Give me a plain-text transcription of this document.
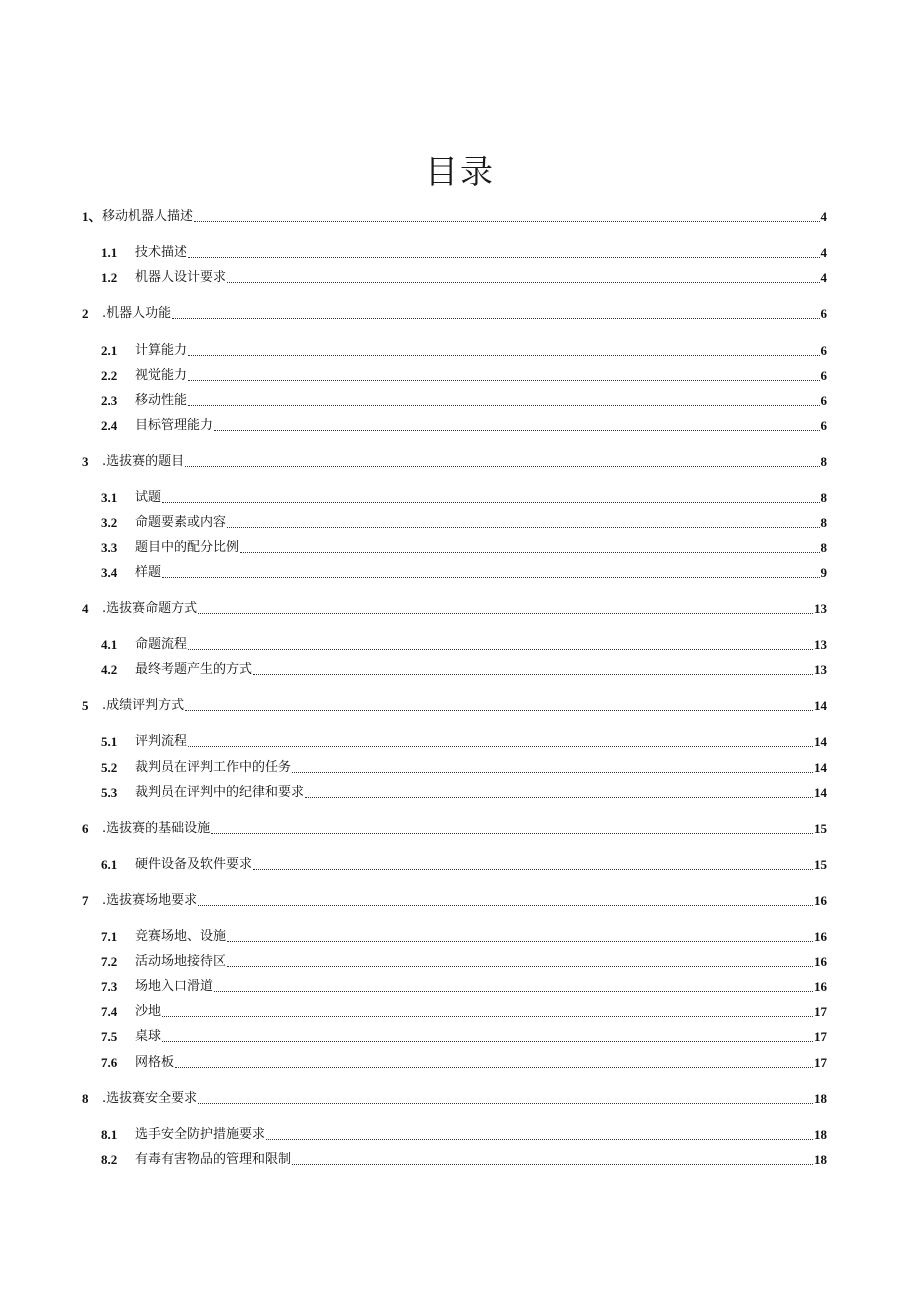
目录
1、 移动机器人描述	4
1.1	技术描述	4
1.2	机器人设计要求	4
2	.机器人功能	6
2.1	计算能力	6
2.2	视觉能力	6
2.3	移动性能	6
2.4	目标管理能力	6
3	.选拔赛的题目	8
3.1	试题	8
3.2	命题要素或内容	8
3.3	题目中的配分比例	8
3.4	样题	9
4	.选拔赛命题方式	13
4.1	命题流程	13
4.2	最终考题产生的方式	13
5	.成绩评判方式	14
5.1	评判流程	14
5.2	裁判员在评判工作中的任务	14
5.3	裁判员在评判中的纪律和要求	14
6	.选拔赛的基础设施	15
6.1	硬件设备及软件要求	15
7	.选拔赛场地要求	16
7.1	竞赛场地、设施	16
7.2	活动场地接待区	16
7.3	场地入口滑道	16
7.4	沙地	17
7.5	桌球	17
7.6	网格板	17
8	.选拔赛安全要求	18
8.1	选手安全防护措施要求	18
8.2	有毒有害物品的管理和限制	18
